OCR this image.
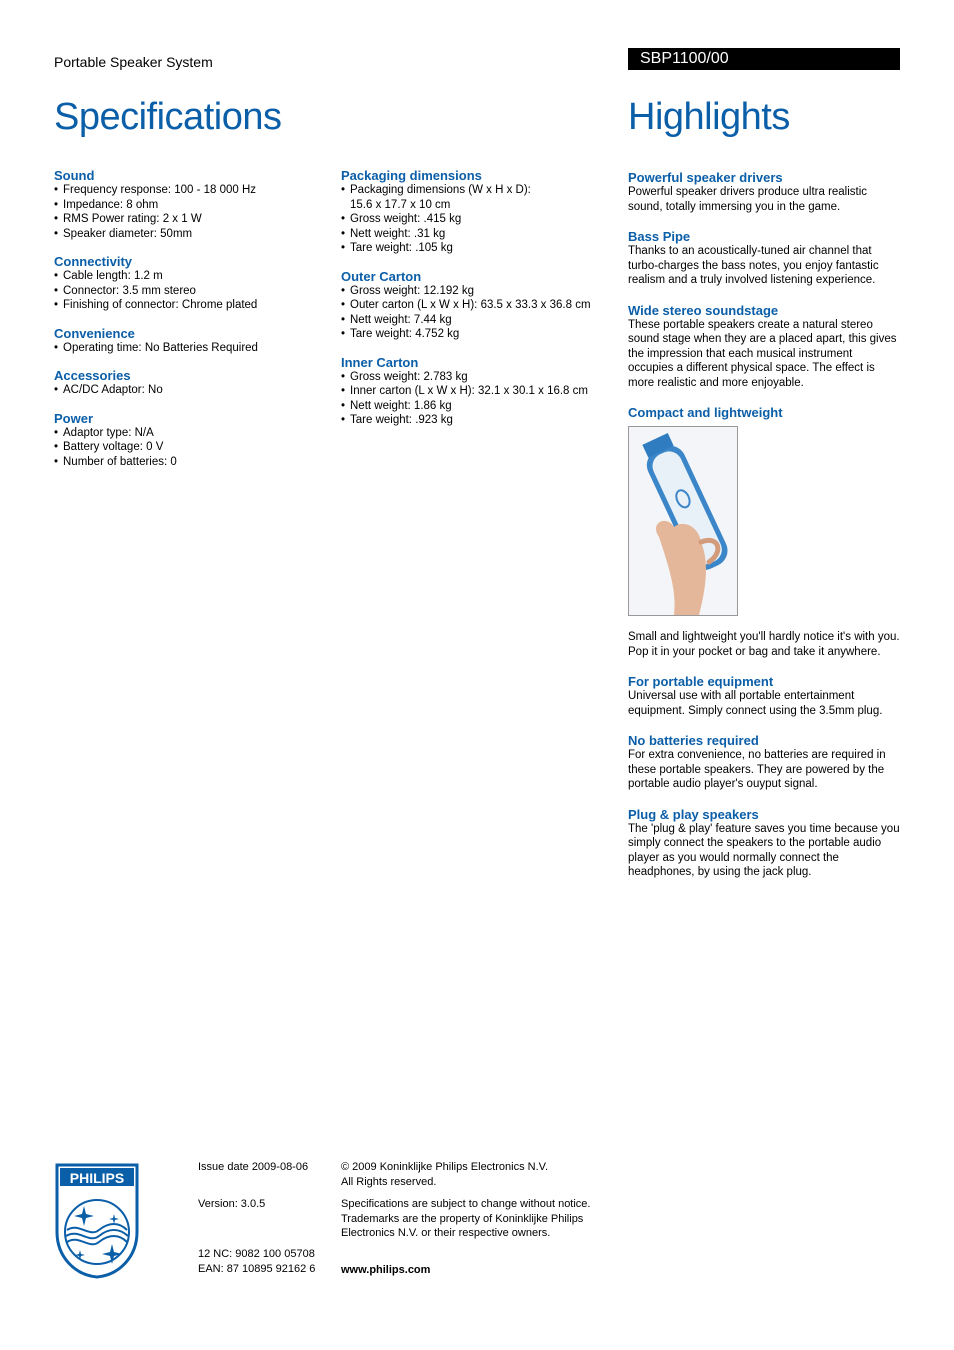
Portable Speaker System	SBP1100/00
Specifications	Highlights
Sound
• Frequency response: 100 - 18 000 Hz
• Impedance: 8 ohm
• RMS Power rating: 2 x 1 W
• Speaker diameter: 50mm
Connectivity
• Cable length: 1.2 m
• Connector: 3.5 mm stereo
• Finishing of connector: Chrome plated
Convenience
• Operating time: No Batteries Required
Accessories
• AC/DC Adaptor: No
Power
• Adaptor type: N/A
• Battery voltage: 0 V
• Number of batteries: 0
Packaging dimensions
• Packaging dimensions (W x H x D):
15.6 x 17.7 x 10 cm
• Gross weight: .415 kg
• Nett weight: .31 kg
• Tare weight: .105 kg
Outer Carton
• Gross weight: 12.192 kg
• Outer carton (L x W x H): 63.5 x 33.3 x 36.8 cm
• Nett weight: 7.44 kg
• Tare weight: 4.752 kg
Inner Carton
• Gross weight: 2.783 kg
• Inner carton (L x W x H): 32.1 x 30.1 x 16.8 cm
• Nett weight: 1.86 kg
• Tare weight: .923 kg
Powerful speaker drivers

Powerful speaker drivers produce ultra realistic sound, totally immersing you in the game.

Bass Pipe

Thanks to an acoustically-tuned air channel that turbo-charges the bass notes, you enjoy fantastic realism and a truly involved listening experience.

Wide stereo soundstage

These portable speakers create a natural stereo sound stage when they are a placed apart, this gives the impression that each musical instrument occupies a different physical space. The effect is more realistic and more enjoyable.

Compact and lightweight

Small and lightweight you'll hardly notice it's with you. Pop it in your pocket or bag and take it anywhere.

For portable equipment

Universal use with all portable entertainment equipment. Simply connect using the 3.5mm plug.

No batteries required

For extra convenience, no batteries are required in these portable speakers. They are powered by the portable audio player's ouyput signal.

Plug & play speakers

The 'plug & play' feature saves you time because you simply connect the speakers to the portable audio player as you would normally connect the headphones, by using the jack plug.

PHILIPS
Issue date 2009-08-06
Version: 3.0.5
12 NC: 9082 100 05708
EAN: 87 10895 92162 6
© 2009 Koninklijke Philips Electronics N.V.
All Rights reserved.
Specifications are subject to change without notice.
Trademarks are the property of Koninklijke Philips
Electronics N.V. or their respective owners.
www.philips.com
